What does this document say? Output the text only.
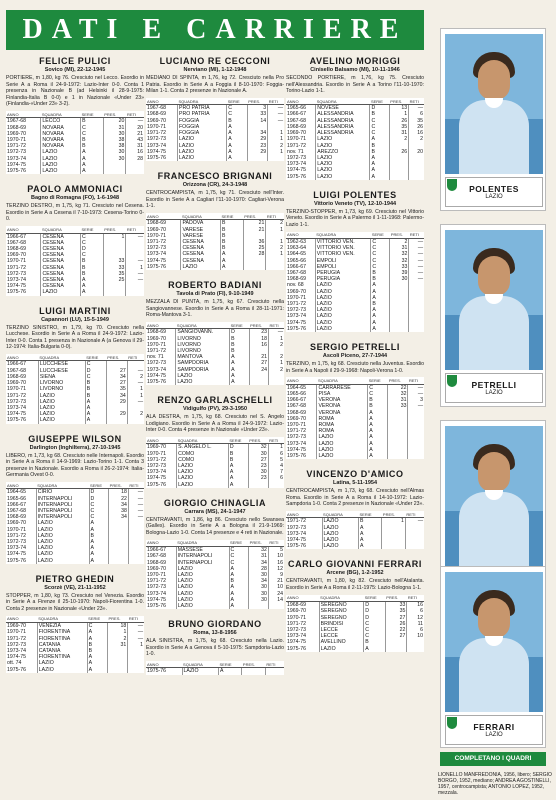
DATI E CARRIERE
FELICE PULICI
Sovico (MI), 22-12-1945
PORTIERE, m 1,80, kg 76. Cresciuto nel Lecco. Esordio in Serie A a Roma il 24-9-1972: Lazio-Inter 0-0. Conta 1 presenza in Nazionale B (ad Helsinki il 28-9-1975: Finlandia-Italia B 0-0) e 1 in Nazionale «Under 23» (Finlandia-«Under 23» 3-2).
ANNO	SQUADRA	SERIE	PRES.	RETI
1967-68	LECCO	B	20	—
1968-69	NOVARA	C	31	20
1969-70	NOVARA	C	30	21
1970-71	NOVARA	B	38	43
1971-72	NOVARA	B	38	31
1972-73	LAZIO	A	30	16
1973-74	LAZIO	A	30	28
1974-75	LAZIO	A		
1975-76	LAZIO	A		
PAOLO AMMONIACI
Bagno di Romagna (FO), 1-6-1948
TERZINO DESTRO, m 1,75, kg 71. Cresciuto nel Cesena. Esordio in Serie A a Cesena il 7-10-1973: Cesena-Torino 0-0.
ANNO	SQUADRA	SERIE	PRES.	RETI
1966-67	CESENA	C	1	—
1967-68	CESENA	C		
1968-69	CESENA	D		
1969-70	CESENA	C		
1970-71	CESENA	B	33	—
1971-72	CESENA	B	33	1
1972-73	CESENA	B	35	—
1973-74	CESENA	A	25	—
1974-75	CESENA	A		
1975-76	LAZIO	A		
LUIGI MARTINI
Capannori (LU), 15-5-1949
TERZINO SINISTRO, m 1,79, kg 70. Cresciuto nella Lucchese. Esordio in Serie A a Roma il 24-9-1972: Lazio-Inter 0-0. Conta 1 presenza in Nazionale A (a Genova il 29-12-1974: Italia-Bulgaria 0-0).
ANNO	SQUADRA	SERIE	PRES.	RETI
1966-67	LUCCHESE	C		
1967-68	LUCCHESE	D	27	—
1968-69	SIENA	C	34	2
1969-70	LIVORNO	B	27	—
1970-71	LIVORNO	B	35	1
1971-72	LAZIO	B	34	1
1972-73	LAZIO	A	29	—
1973-74	LAZIO	A		
1974-75	LAZIO	A	29	2
1975-76	LAZIO	A		
GIUSEPPE WILSON
Darlington (Inghilterra), 27-10-1945
LIBERO, m 1,73, kg 68. Cresciuto nelle Internapoli. Esordio in Serie A a Roma il 14-9-1969: Lazio-Torino 1-1. Conta 3 presenze in Nazionale. Esordio a Roma il 26-2-1974: Italia-Germania Ovest 0-0.
ANNO	SQUADRA	SERIE	PRES.	RETI
1964-65	CIRIO	D	18	—
1965-66	INTERNAPOLI	D	22	—
1966-67	INTERNAPOLI	C	34	—
1967-68	INTERNAPOLI	C	38	—
1968-69	INTERNAPOLI	C	34	—
1969-70	LAZIO	A		
1970-71	LAZIO	A		
1971-72	LAZIO	B		
1972-73	LAZIO	A		
1973-74	LAZIO	A		
1974-75	LAZIO	A		
1975-76	LAZIO	A		
PIETRO GHEDIN
Scorzè (VE), 21-11-1952
STOPPER, m 1,80, kg 73. Cresciuto nel Venezia. Esordio in Serie A a Firenze il 25-10-1970: Napoli-Fiorentina 1-0. Conta 2 presenze in Nazionale «Under 23».
ANNO	SQUADRA	SERIE	PRES.	RETI
1969-70	VENEZIA	C	18	—
1970-71	FIORENTINA	A	1	—
1971-72	FIORENTINA	A	2	—
1972-73	CATANIA	B	31	1
1973-74	CATANIA	B		
1974-75	FIORENTINA	A		
ott. 74	LAZIO	A		
1975-76	LAZIO	A		
LUCIANO RE CECCONI
Nerviano (MI), 1-12-1948
MEDIANO DI SPINTA, m 1,76, kg 72. Cresciuto nella Pro Patria. Esordio in Serie A a Foggia il 8-10-1970: Foggia-Milan 1-1. Conta 2 presenze in Nazionale A.
ANNO	SQUADRA	SERIE	PRES.	RETI
1967-68	PRO PATRIA	C	3	—
1968-69	PRO PATRIA	C	33	—
1969-70	FOGGIA	B	14	—
1970-71	FOGGIA	A		
1971-72	FOGGIA	A	34	1
1972-73	LAZIO	A	29	1
1973-74	LAZIO	A	23	2
1974-75	LAZIO	A	29	1
1975-76	LAZIO	A		
FRANCESCO BRIGNANI
Orizzona (CR), 24-3-1948
CENTROCAMPISTA, m 1,75, kg 71. Cresciuto nell'Inter. Esordio in Serie A a Cagliari l'11-10-1970: Cagliari-Verona 1-1.
ANNO	SQUADRA	SERIE	PRES.	RETI
1968-69	PADOVA	B	21	2
1969-70	VARESE	B	21	1
1970-71	VARESE	B		
1971-72	CESENA	B	36	1
1972-73	CESENA	B	25	2
1973-74	CESENA	A	28	1
1974-75	CESENA	A		
1975-76	LAZIO	A		
ROBERTO BADIANI
Tavola di Prato (FI), 9-10-1949
MEZZALA DI PUNTA, m 1,75, kg 67. Cresciuto nella Sangiovannese. Esordio in Serie A a Roma il 28-11-1971: Roma-Mantova 3-1.
ANNO	SQUADRA	SERIE	PRES.	RETI
1968-69	SANGIOVANN.	D	23	—
1969-70	LIVORNO	B	18	1
1970-71	LIVORNO	B	16	2
1971-72	LIVORNO	B		
nov. 71	MANTOVA	A	21	2
1972-73	SAMPDORIA	A	27	1
1973-74	SAMPDORIA	A	24	2
1974-75	LAZIO	A		
1975-76	LAZIO	A		
RENZO GARLASCHELLI
Vidigulfo (PV), 29-3-1950
ALA DESTRA, m 1,75, kg 68. Cresciuto nel S. Angelo Lodigiano. Esordio in Serie A a Roma il 24-9-1972: Lazio-Inter 0-0. Conta 4 presenze in Nazionale «Under 23».
ANNO	SQUADRA	SERIE	PRES.	RETI
1969-70	S. ANGELO L.	D	32	1
1970-71	COMO	B	30	6
1971-72	COMO	B	27	5
1972-73	LAZIO	A	23	4
1973-74	LAZIO	A	30	7
1974-75	LAZIO	A	23	6
1975-76	LAZIO	A		
GIORGIO CHINAGLIA
Carrara (MS), 24-1-1947
CENTRAVANTI, m 1,86, kg 86. Cresciuto nello Swansea (Galles). Esordio in Serie A a Bologna il 21-9-1969: Bologna-Lazio 1-0. Conta 14 presenze e 4 reti in Nazionale.
ANNO	SQUADRA	SERIE	PRES.	RETI
1966-67	MASSESE	C	32	5
1967-68	INTERNAPOLI	C	31	10
1968-69	INTERNAPOLI	C	34	16
1969-70	LAZIO	A	28	12
1970-71	LAZIO	A	30	9
1971-72	LAZIO	B	34	21
1972-73	LAZIO	A	30	10
1973-74	LAZIO	A	30	24
1974-75	LAZIO	A	30	14
1975-76	LAZIO	A		
BRUNO GIORDANO
Roma, 13-8-1956
ALA SINISTRA, m 1,75, kg 68. Cresciuto nella Lazio. Esordio in Serie A a Genova il 5-10-1975: Sampdoria-Lazio 1-0.
ANNO	SQUADRA	SERIE	PRES.	RETI
1975-76	LAZIO	A		
AVELINO MORIGGI
Cinisello Balsamo (MI), 10-11-1946
SECONDO PORTIERE, m 1,76, kg 75. Cresciuto nell'Alessandria. Esordio in Serie A a Torino l'11-10-1970: Torino-Lazio 1-1.
ANNO	SQUADRA	SERIE	PRES.	RETI
1965-66	NOVESE	D	13	—
1966-67	ALESSANDRIA	B	1	6
1967-68	ALESSANDRIA	C	26	35
1968-69	ALESSANDRIA	C	35	26
1969-70	ALESSANDRIA	C	31	16
1970-71	LAZIO	A	2	2
1971-72	LAZIO	B		
nov. 71	AREZZO	B	26	20
1972-73	LAZIO	A		
1973-74	LAZIO	A		
1974-75	LAZIO	A		
1975-76	LAZIO	A		
LUIGI POLENTES
Vittorio Veneto (TV), 12-10-1944
TERZINO-STOPPER, m 1,73, kg 69. Cresciuto nel Vittorio Veneto. Esordio in Serie A a Palermo il 1-11-1968: Palermo-Lazio 1-1.
ANNO	SQUADRA	SERIE	PRES.	RETI
1962-63	VITTORIO VEN.	C	2	—
1963-64	VITTORIO VEN.	C	31	—
1964-65	VITTORIO VEN.	C	32	—
1965-66	EMPOLI	C	32	—
1966-67	EMPOLI	C	33	—
1967-68	PERUGIA	B	39	—
1968-69	PERUGIA	B	30	—
nov. 68	LAZIO	A		
1969-70	LAZIO	A		
1970-71	LAZIO	A		
1971-72	LAZIO	B		
1972-73	LAZIO	A		
1973-74	LAZIO	A		
1974-75	LAZIO	A		
1975-76	LAZIO	A		
SERGIO PETRELLI
Ascoli Piceno, 27-7-1944
TERZINO, m 1,75, kg 68. Cresciuto nella Juventus. Esordio in Serie A a Napoli il 29-9-1968: Napoli-Verona 1-0.
ANNO	SQUADRA	SERIE	PRES.	RETI
1964-65	CARRARESE	C	22	—
1965-66	PISA	C	32	—
1966-67	VERONA	B	31	3
1967-68	VERONA	B	33	—
1968-69	VERONA	A		
1969-70	ROMA	A		
1970-71	ROMA	A		
1971-72	ROMA	A		
1972-73	LAZIO	A		
1973-74	LAZIO	A		
1974-75	LAZIO	A		
1975-76	LAZIO	A		
VINCENZO D'AMICO
Latina, 5-11-1954
CENTROCAMPISTA, m 1,73, kg 68. Cresciuto nell'Almas Roma. Esordio in Serie A a Roma il 14-10-1972: Lazio-Sampdoria 1-0. Conta 2 presenze in Nazionale «Under 23».
ANNO	SQUADRA	SERIE	PRES.	RETI
1971-72	LAZIO	B	1	—
1972-73	LAZIO	A		
1973-74	LAZIO	A		
1974-75	LAZIO	A		
1975-76	LAZIO	A		
CARLO GIOVANNI FERRARI
Arcene (BG), 1-2-1952
CENTRAVANTI, m 1,80, kg 82. Cresciuto nell'Atalanta. Esordio in Serie A a Roma il 2-11-1975: Lazio-Bologna 1-1.
ANNO	SQUADRA	SERIE	PRES.	RETI
1968-69	SEREGNO	D	33	16
1969-70	SEREGNO	D	35	6
1970-71	SEREGNO	D	27	12
1971-72	BRINDISI	C	26	11
1972-73	LECCE	C	22	6
1973-74	LECCE	C	27	10
1974-75	AVELLINO	B		
1975-76	LAZIO	A		
POLENTES
LAZIO
PETRELLI
LAZIO
FERRARI
LAZIO
COMPLETANO I QUADRI
LIONELLO MANFREDONIA, 1956, libero; SERGIO BORGO, 1952, mediano; ANDREA AGOSTINELLI, 1957, centrocampista; ANTONIO LOPEZ, 1952, mezzala.
